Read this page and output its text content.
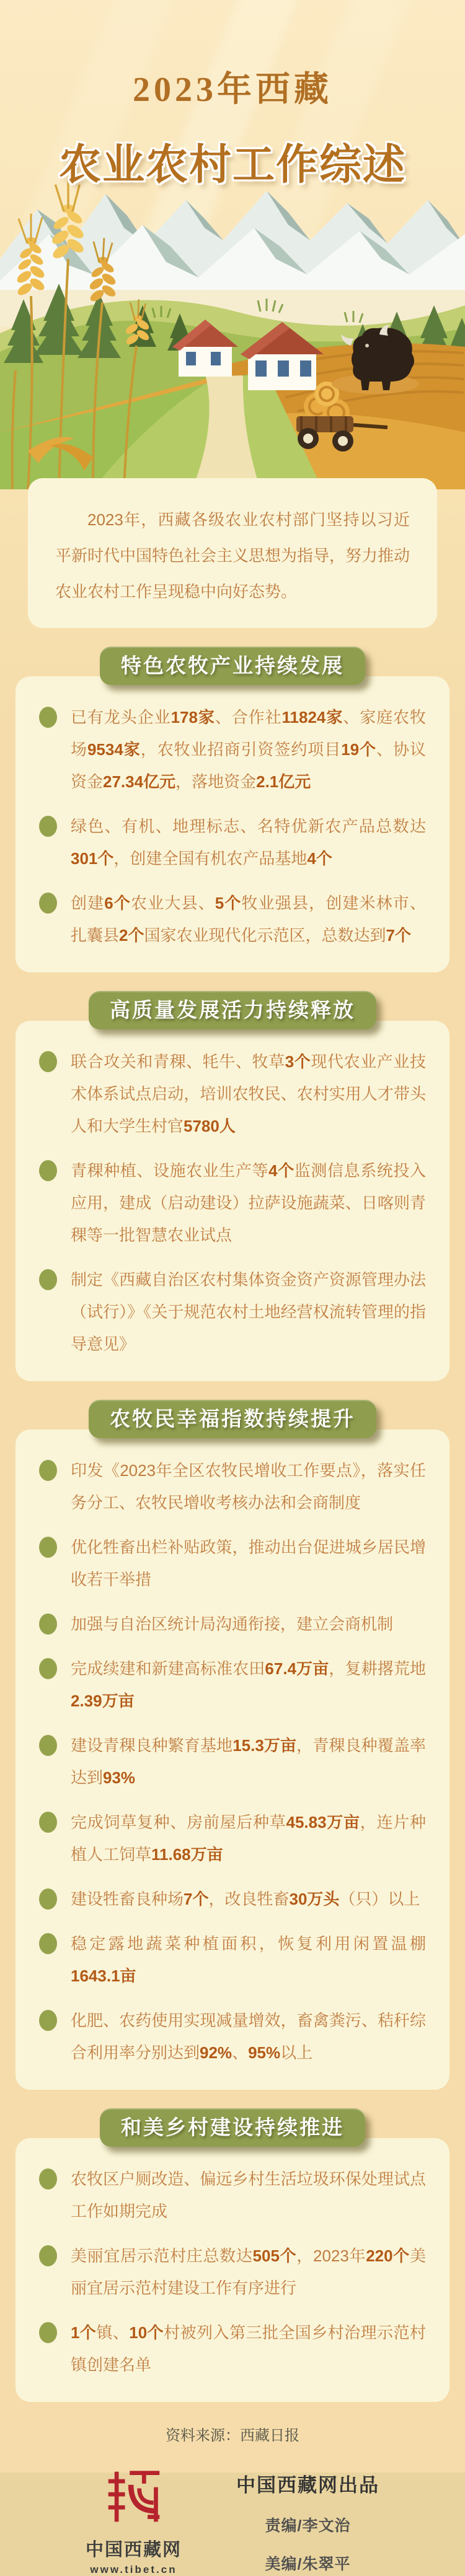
2023年西藏
农业农村工作综述

2023年，西藏各级农业农村部门坚持以习近平新时代中国特色社会主义思想为指导，努力推动农业农村工作呈现稳中向好态势。

特色农牧产业持续发展

已有龙头企业178家、合作社11824家、家庭农牧场9534家，农牧业招商引资签约项目19个、协议资金27.34亿元，落地资金2.1亿元

绿色、有机、地理标志、名特优新农产品总数达301个，创建全国有机农产品基地4个

创建6个农业大县、5个牧业强县，创建米林市、扎囊县2个国家农业现代化示范区，总数达到7个

高质量发展活力持续释放

联合攻关和青稞、牦牛、牧草3个现代农业产业技术体系试点启动，培训农牧民、农村实用人才带头人和大学生村官5780人

青稞种植、设施农业生产等4个监测信息系统投入应用，建成（启动建设）拉萨设施蔬菜、日喀则青稞等一批智慧农业试点

制定《西藏自治区农村集体资金资产资源管理办法（试行）》《关于规范农村土地经营权流转管理的指导意见》

农牧民幸福指数持续提升

印发《2023年全区农牧民增收工作要点》，落实任务分工、农牧民增收考核办法和会商制度

优化牲畜出栏补贴政策，推动出台促进城乡居民增收若干举措

加强与自治区统计局沟通衔接，建立会商机制

完成续建和新建高标准农田67.4万亩，复耕撂荒地2.39万亩

建设青稞良种繁育基地15.3万亩，青稞良种覆盖率达到93%

完成饲草复种、房前屋后种草45.83万亩，连片种植人工饲草11.68万亩

建设牲畜良种场7个，改良牲畜30万头（只）以上

稳定露地蔬菜种植面积，恢复利用闲置温棚1643.1亩

化肥、农药使用实现减量增效，畜禽粪污、秸秆综合利用率分别达到92%、95%以上

和美乡村建设持续推进

农牧区户厕改造、偏远乡村生活垃圾环保处理试点工作如期完成

美丽宜居示范村庄总数达505个，2023年220个美丽宜居示范村建设工作有序进行

1个镇、10个村被列入第三批全国乡村治理示范村镇创建名单

资料来源：西藏日报
中国西藏网
www.tibet.cn
中国西藏网出品
责编/李文治
美编/朱翠平
